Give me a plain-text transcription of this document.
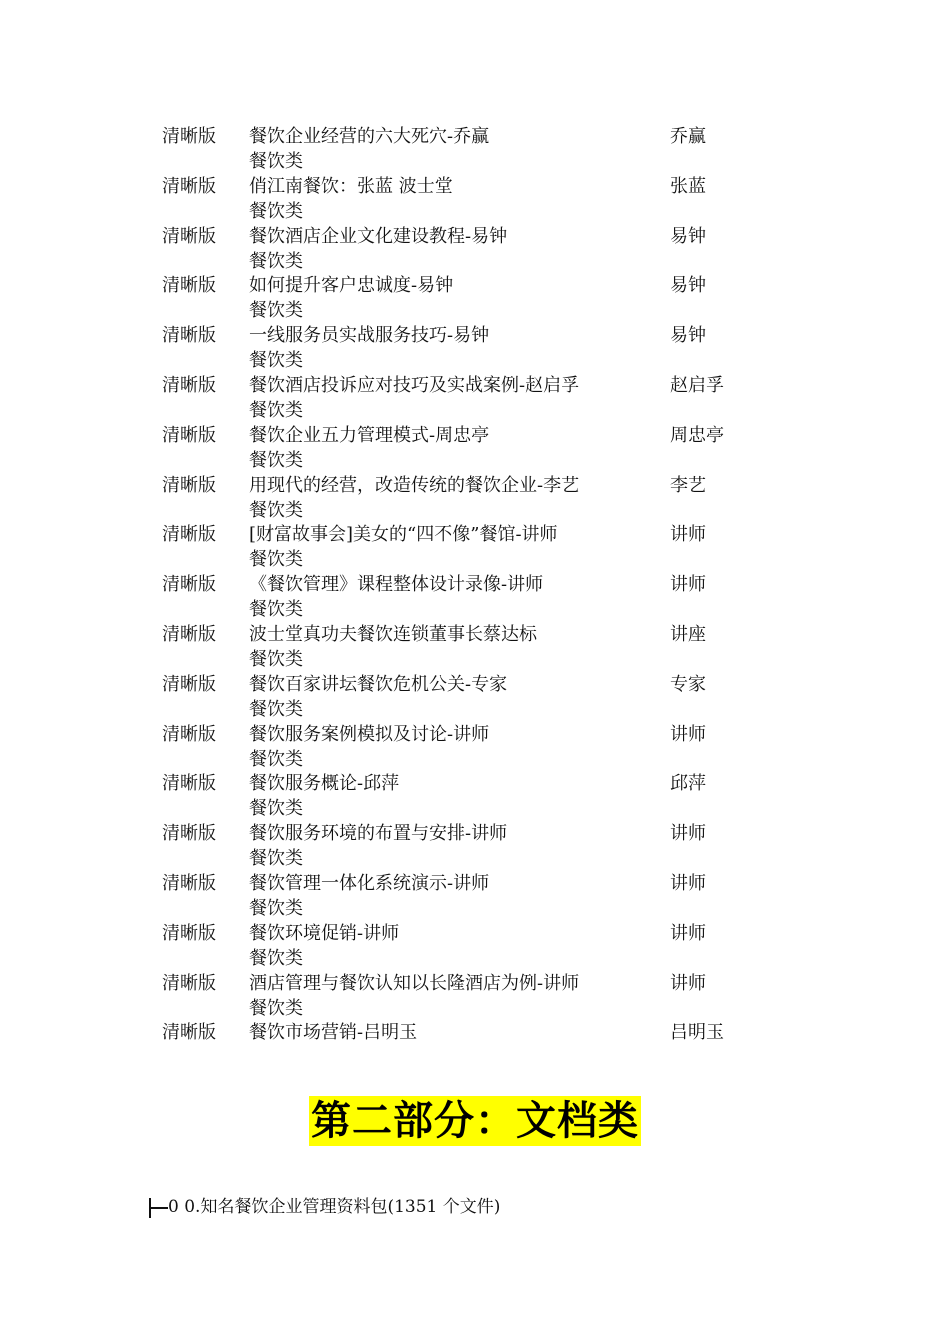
清晰版 餐饮企业经营的六大死穴-乔赢
餐饮类
乔赢
清晰版 俏江南餐饮：张蓝 波士堂
餐饮类
张蓝
清晰版 餐饮酒店企业文化建设教程-易钟
餐饮类
易钟
清晰版 如何提升客户忠诚度-易钟
餐饮类
易钟
清晰版 一线服务员实战服务技巧-易钟
餐饮类
易钟
清晰版 餐饮酒店投诉应对技巧及实战案例-赵启孚
餐饮类
赵启孚
清晰版 餐饮企业五力管理模式-周忠亭
餐饮类
周忠亭
清晰版 用现代的经营，改造传统的餐饮企业-李艺
餐饮类
李艺
清晰版 [财富故事会]美女的“四不像”餐馆-讲师
餐饮类
讲师
清晰版 《餐饮管理》课程整体设计录像-讲师
餐饮类
讲师
清晰版 波士堂真功夫餐饮连锁董事长蔡达标
餐饮类
讲座
清晰版 餐饮百家讲坛餐饮危机公关-专家
餐饮类
专家
清晰版 餐饮服务案例模拟及讨论-讲师
餐饮类
讲师
清晰版 餐饮服务概论-邱萍
餐饮类
邱萍
清晰版 餐饮服务环境的布置与安排-讲师
餐饮类
讲师
清晰版 餐饮管理一体化系统演示-讲师
餐饮类
讲师
清晰版 餐饮环境促销-讲师
餐饮类
讲师
清晰版 酒店管理与餐饮认知以长隆酒店为例-讲师
餐饮类
讲师
清晰版 餐饮市场营销-吕明玉	吕明玉
第二部分：文档类
0 0.知名餐饮企业管理资料包(1351 个文件)
